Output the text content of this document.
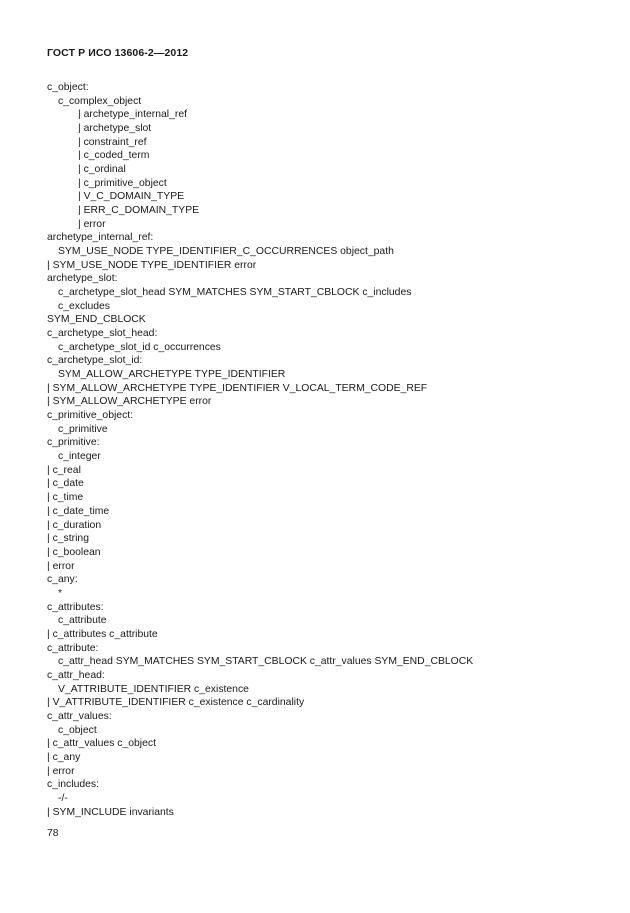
ГОСТ Р ИСО 13606-2—2012
c_object:
c_complex_object
| archetype_internal_ref
| archetype_slot
| constraint_ref
| c_coded_term
| c_ordinal
| c_primitive_object
| V_C_DOMAIN_TYPE
| ERR_C_DOMAIN_TYPE
| error
archetype_internal_ref:
SYM_USE_NODE TYPE_IDENTIFIER_C_OCCURRENCES object_path
| SYM_USE_NODE TYPE_IDENTIFIER error
archetype_slot:
c_archetype_slot_head SYM_MATCHES SYM_START_CBLOCK c_includes
c_excludes
SYM_END_CBLOCK
c_archetype_slot_head:
c_archetype_slot_id c_occurrences
c_archetype_slot_id:
SYM_ALLOW_ARCHETYPE TYPE_IDENTIFIER
| SYM_ALLOW_ARCHETYPE TYPE_IDENTIFIER V_LOCAL_TERM_CODE_REF
| SYM_ALLOW_ARCHETYPE error
c_primitive_object:
c_primitive
c_primitive:
c_integer
| c_real
| c_date
| c_time
| c_date_time
| c_duration
| c_string
| c_boolean
| error
c_any:
*
c_attributes:
c_attribute
| c_attributes c_attribute
c_attribute:
c_attr_head SYM_MATCHES SYM_START_CBLOCK c_attr_values SYM_END_CBLOCK
c_attr_head:
V_ATTRIBUTE_IDENTIFIER c_existence
| V_ATTRIBUTE_IDENTIFIER c_existence c_cardinality
c_attr_values:
c_object
| c_attr_values c_object
| c_any
| error
c_includes:
-/-
| SYM_INCLUDE invariants
78
